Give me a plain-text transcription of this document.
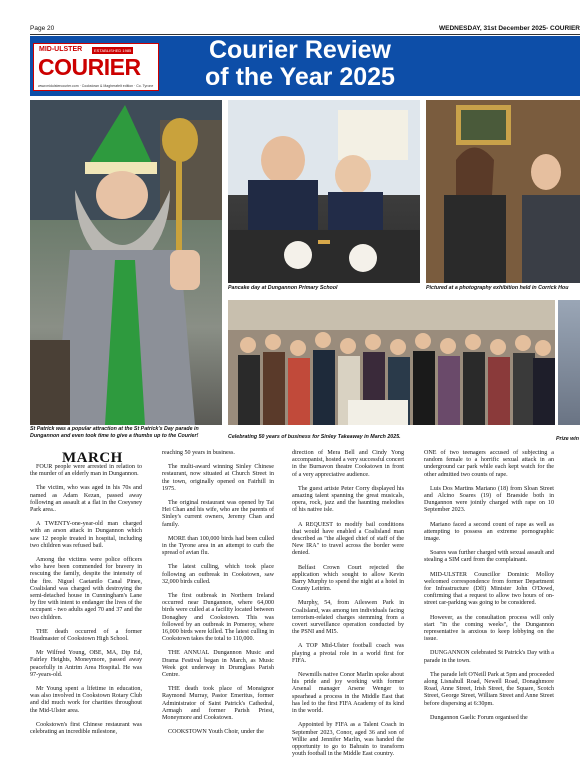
Page 20	WEDNESDAY, 31st December 2025- COURIER
MID-ULSTER	ESTABLISHED 1985
COURIER
www.midulstercourier.com · Cookstown & Magherafelt edition · Co. Tyrone
Courier Review
of the Year 2025
St Patrick was a popular attraction at the St Patrick's Day parade in Dungannon and even took time to give a thumbs up to the Courier!
Pancake day at Dungannon Primary School	Pictured at a photography exhibition held in Corrick Hou
Celebrating 50 years of business for Sinley Takeaway in March 2025.	Prize win
MARCH

FOUR people were arrested in relation to the murder of an elderly man in Dungannon.

The victim, who was aged in his 70s and named as Adam Kezan, passed away following an assault at a flat in the Coeysney Park area..

A TWENTY-one-year-old man charged with an arson attack in Dungannon which saw 12 people treated in hospital, including two children was refused bail.

Among the victims were police officers who have been commended for bravery in rescuing the family, despite the intensity of the fire. Niguel Caetanilo Canal Pinee, Coalisland was charged with destroying the semi-detached house in Cunningham's Lane by fire with intent to endanger the lives of the occupant - two adults aged 70 and 37 and the two children.

THE death occurred of a former Headmaster of Cookstown High School.

Mr Wilfred Young, OBE, MA, Dip Ed, Fairley Heights, Moneymore, passed away peacefully in Antrim Area Hospital. He was 97-years-old.

Mr Young spent a lifetime in education, was also involved in Cookstown Rotary Club and did much work for charities throughout the Mid-Ulster area.

Cookstown's first Chinese restaurant was celebrating an incredible milestone,

reaching 50 years in business.

The multi-award winning Sinley Chinese restaurant, now situated at Church Street in the town, originally opened on Fairhill in 1975.

The original restaurant was opened by Tai Hei Chan and his wife, who are the parents of Sinley's current owners, Jeremy Chan and family.

MORE than 100,000 birds had been culled in the Tyrone area in an attempt to curb the spread of avian flu.

The latest culling, which took place following an outbreak in Cookstown, saw 32,000 birds culled.

The first outbreak in Northern Ireland occurred near Dungannon, where 64,000 birds were culled at a facility located between Donaghey and Cookstown. This was followed by an outbreak in Pomeroy, where 16,000 birds were killed. The latest culling in Cookstown takes the total to 110,000.

THE ANNUAL Dungannon Music and Drama Festival began in March, as Music Week got underway in Drumglass Parish Centre.

THE death took place of Monsignor Raymond Murray, Pastor Emeritus, former Administrator of Saint Patrick's Cathedral, Armagh and former Parish Priest, Moneymore and Cookstown.

COOKSTOWN Youth Choir, under the

direction of Mera Bell and Cindy Yong accompanist, hosted a very successful concert in the Burnavon theatre Cookstown in front of a very appreciative audience.

The guest artiste Peter Corry displayed his amazing talent spanning the great musicals, opera, rock, jazz and the haunting melodies of his native isle.

A REQUEST to modify bail conditions that would have enabled a Coalisland man described as "the alleged chief of staff of the New IRA" to travel across the border were denied.

Belfast Crown Court rejected the application which sought to allow Kevin Barry Murphy to spend the night at a hotel in County Leitrim.

Murphy, 54, from Aileswen Park in Coalisland, was among ten individuals facing terrorism-related charges stemming from a covert surveillance operation conducted by the PSNI and MI5.

A TOP Mid-Ulster football coach was playing a pivotal role in a world first for FIFA.

Newmills native Conor Marlin spoke about his pride and joy working with former Arsenal manager Arsene Wenger to spearhead a process in the Middle East that has led to the first FIFA Academy of its kind in the world.

Appointed by FIFA as a Talent Coach in September 2023, Conor, aged 36 and son of Willie and Jennifer Marlin, was handed the opportunity to go to Bahrain to transform youth football in the Middle East country.

ONE of two teenagers accused of subjecting a random female to a horrific sexual attack in an underground car park while each kept watch for the other admitted two counts of rape.

Luis Dos Martins Mariano (18) from Sloan Street and Alcino Soares (19) of Braeside both in Dungannon were jointly charged with rape on 10 September 2023.

Mariano faced a second count of rape as well as attempting to possess an extreme pornographic image.

Soares was further charged with sexual assault and stealing a SIM card from the complainant.

MID-ULSTER Councillor Dominic Molloy welcomed correspondence from former Department for Infrastructure (DfI) Minister John O'Dowd, confirming that a request to allow two hours of on-street car-parking was going to be considered.

However, as the consultation process will only start "in the coming weeks", the Dungannon representative is anxious to keep lobbying on the issue.

DUNGANNON celebrated St Patrick's Day with a parade in the town.

The parade left O'Neill Park at 5pm and proceeded along Lisnahull Road, Newell Road, Donaghmore Road, Anne Street, Irish Street, the Square, Scotch Street, George Street, William Street and Anne Street before dispersing at 6:30pm.

Dungannon Gaelic Forum organised the
